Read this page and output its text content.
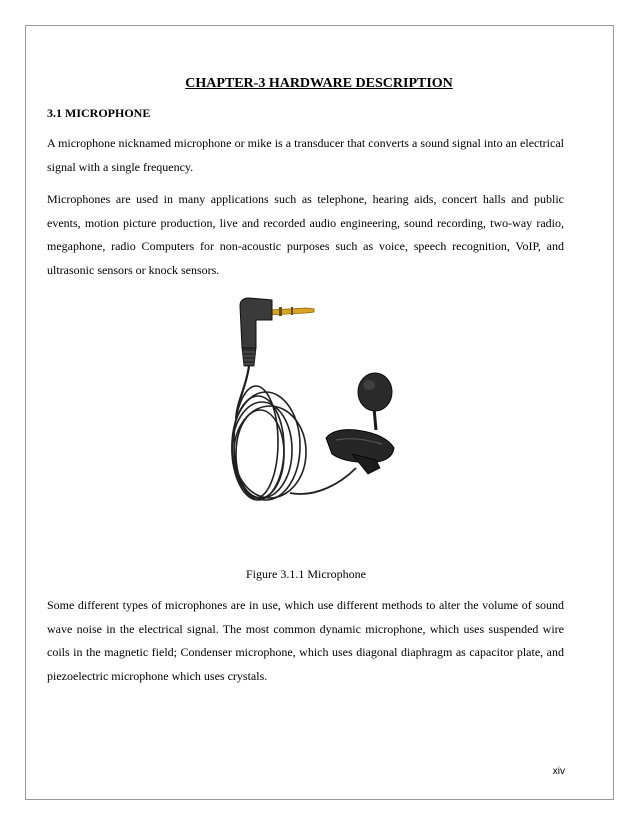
CHAPTER-3 HARDWARE DESCRIPTION
3.1 MICROPHONE

A microphone nicknamed microphone or mike is a transducer that converts a sound signal into an electrical signal with a single frequency.

Microphones are used in many applications such as telephone, hearing aids, concert halls and public events, motion picture production, live and recorded audio engineering, sound recording, two-way radio, megaphone, radio Computers for non-acoustic purposes such as voice, speech recognition, VoIP, and ultrasonic sensors or knock sensors.

Figure 3.1.1 Microphone

Some different types of microphones are in use, which use different methods to alter the volume of sound wave noise in the electrical signal. The most common dynamic microphone, which uses suspended wire coils in the magnetic field; Condenser microphone, which uses diagonal diaphragm as capacitor plate, and piezoelectric microphone which uses crystals.

xiv
